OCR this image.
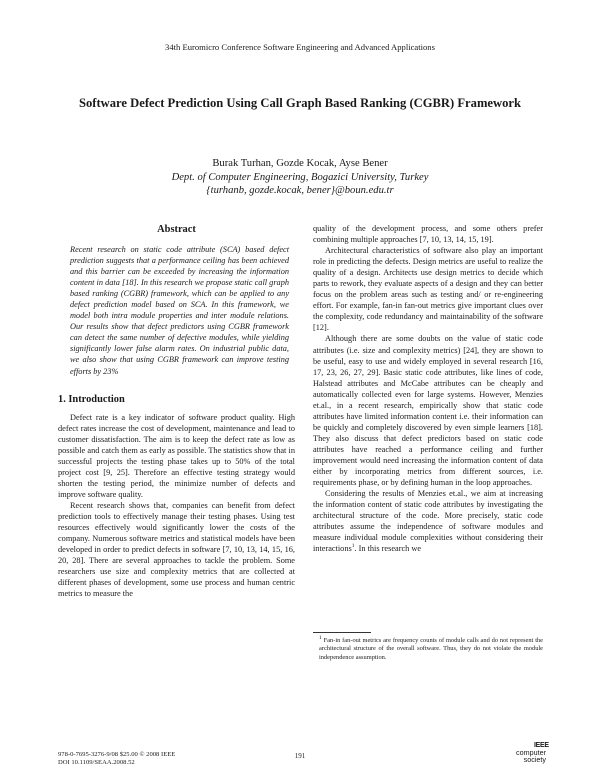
34th Euromicro Conference Software Engineering and Advanced Applications
Software Defect Prediction Using Call Graph Based Ranking (CGBR) Framework
Burak Turhan, Gozde Kocak, Ayse Bener
Dept. of Computer Engineering, Bogazici University, Turkey
{turhanb, gozde.kocak, bener}@boun.edu.tr
Abstract

Recent research on static code attribute (SCA) based defect prediction suggests that a performance ceiling has been achieved and this barrier can be exceeded by increasing the information content in data [18]. In this research we propose static call graph based ranking (CGBR) framework, which can be applied to any defect prediction model based on SCA. In this framework, we model both intra module properties and inter module relations. Our results show that defect predictors using CGBR framework can detect the same number of defective modules, while yielding significantly lower false alarm rates. On industrial public data, we also show that using CGBR framework can improve testing efforts by 23%

1. Introduction

Defect rate is a key indicator of software product quality. High defect rates increase the cost of development, maintenance and lead to customer dissatisfaction. The aim is to keep the defect rate as low as possible and catch them as early as possible. The statistics show that in successful projects the testing phase takes up to 50% of the total project cost [9, 25]. Therefore an effective testing strategy would shorten the testing period, the minimize number of defects and improve software quality.

Recent research shows that, companies can benefit from defect prediction tools to effectively manage their testing phases. Using test resources effectively would significantly lower the costs of the company. Numerous software metrics and statistical models have been developed in order to predict defects in software [7, 10, 13, 14, 15, 16, 20, 28]. There are several approaches to tackle the problem. Some researchers use size and complexity metrics that are collected at different phases of development, some use process and human centric metrics to measure the

quality of the development process, and some others prefer combining multiple approaches [7, 10, 13, 14, 15, 19].

Architectural characteristics of software also play an important role in predicting the defects. Design metrics are useful to realize the quality of a design. Architects use design metrics to decide which parts to rework, they evaluate aspects of a design and they can better focus on the problem areas such as testing and/ or re-engineering effort. For example, fan-in fan-out metrics give important clues over the complexity, code redundancy and maintainability of the software [12].

Although there are some doubts on the value of static code attributes (i.e. size and complexity metrics) [24], they are shown to be useful, easy to use and widely employed in several research [16, 17, 23, 26, 27, 29]. Basic static code attributes, like lines of code, Halstead attributes and McCabe attributes can be cheaply and automatically collected even for large systems. However, Menzies et.al., in a recent research, empirically show that static code attributes have limited information content i.e. their information can be quickly and completely discovered by even simple learners [18]. They also discuss that defect predictors based on static code attributes have reached a performance ceiling and further improvement would need increasing the information content of data either by incorporating metrics from different sources, i.e. requirements phase, or by defining human in the loop approaches.

Considering the results of Menzies et.al., we aim at increasing the information content of static code attributes by investigating the architectural structure of the code. More precisely, static code attributes assume the independence of software modules and measure individual module complexities without considering their interactions$^1$. In this research we

$^1$ Fan-in fan-out metrics are frequency counts of module calls and do not represent the architectural structure of the overall software. Thus, they do not violate the module independence assumption.

978-0-7695-3276-9/08 $25.00 © 2008 IEEE
DOI 10.1109/SEAA.2008.52
191
IEEE
computer
society
